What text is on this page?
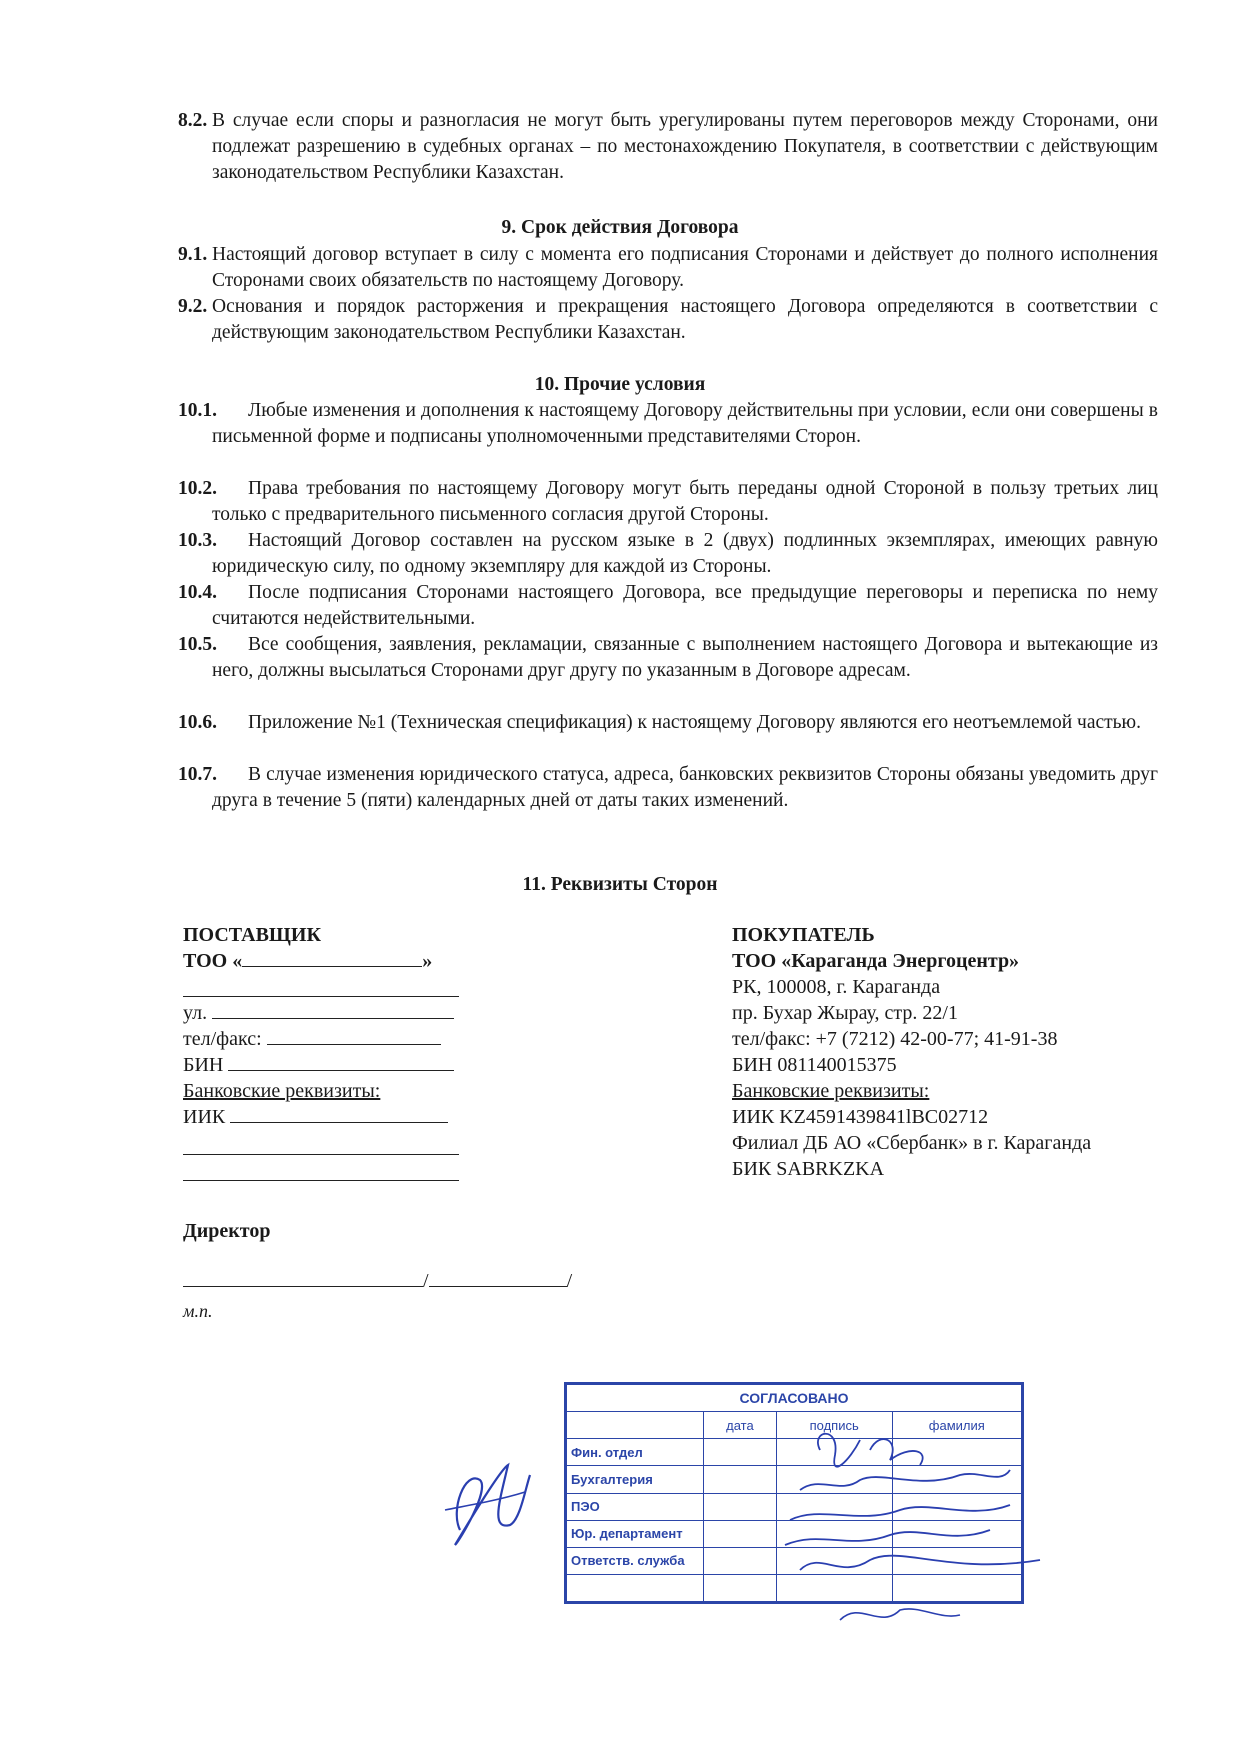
8.2. В случае если споры и разногласия не могут быть урегулированы путем переговоров между Сторонами, они подлежат разрешению в судебных органах – по местонахождению Покупателя, в соответствии с действующим законодательством Республики Казахстан.
9. Срок действия Договора
9.1. Настоящий договор вступает в силу с момента его подписания Сторонами и действует до полного исполнения Сторонами своих обязательств по настоящему Договору.
9.2. Основания и порядок расторжения и прекращения настоящего Договора определяются в соответствии с действующим законодательством Республики Казахстан.
10. Прочие условия
10.1.	Любые изменения и дополнения к настоящему Договору действительны при условии, если они совершены в письменной форме и подписаны уполномоченными представителями Сторон.
10.2.	Права требования по настоящему Договору могут быть переданы одной Стороной в пользу третьих лиц только с предварительного письменного согласия другой Стороны.
10.3.	Настоящий Договор составлен на русском языке в 2 (двух) подлинных экземплярах, имеющих равную юридическую силу, по одному экземпляру для каждой из Стороны.
10.4.	После подписания Сторонами настоящего Договора, все предыдущие переговоры и переписка по нему считаются недействительными.
10.5.	Все сообщения, заявления, рекламации, связанные с выполнением настоящего Договора и вытекающие из него, должны высылаться Сторонами друг другу по указанным в Договоре адресам.
10.6.	Приложение №1 (Техническая спецификация) к настоящему Договору являются его неотъемлемой частью.
10.7.	В случае изменения юридического статуса, адреса, банковских реквизитов Стороны обязаны уведомить друг друга в течение 5 (пяти) календарных дней от даты таких изменений.
11. Реквизиты Сторон
ПОСТАВЩИК
ТОО «	»
ул.
тел/факс:
БИН
Банковские реквизиты:
ИИК
Директор
/	/
м.п.
ПОКУПАТЕЛЬ
ТОО «Караганда Энергоцентр»
РК, 100008, г. Караганда
пр. Бухар Жырау, стр. 22/1
тел/факс: +7 (7212) 42-00-77; 41-91-38
БИН 081140015375
Банковские реквизиты:
ИИК KZ4591439841lBC02712
Филиал ДБ АО «Сбербанк» в г. Караганда
БИК SABRKZKA
СОГЛАСОВАНО			
	дата	подпись	фамилия
Фин. отдел			
Бухгалтерия			
ПЭО			
Юр. департамент			
Ответств. служба			
